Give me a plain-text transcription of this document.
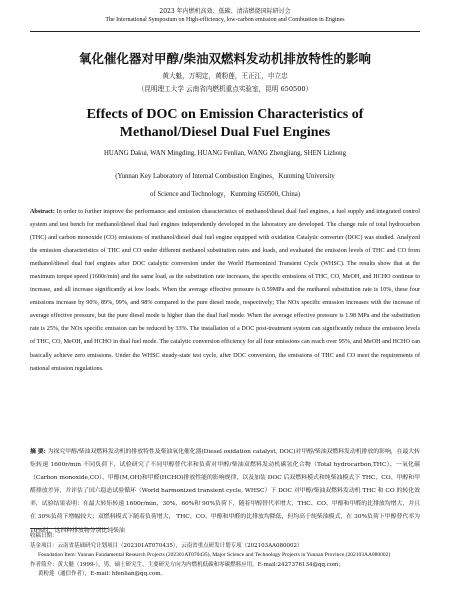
2023 年内燃机高效、低碳、清洁燃烧国际研讨会
The International Symposium on High-efficiency, low-carbon emission and Combustion in Engines
氧化催化器对甲醇/柴油双燃料发动机排放特性的影响
黄大魁，万明定，黄粉莲，王正江，申立忠
（昆明理工大学 云南省内燃机重点实验室，昆明 650500）
Effects of DOC on Emission Characteristics of
Methanol/Diesel Dual Fuel Engines
HUANG Dakui, WAN Mingding, HUANG Fenlian, WANG Zhengjiang, SHEN Lizhong
(Yunnan Key Laboratory of Internal Combustion Engines，Kunming University
of Science and Technology，Kunming 650500, China)
Abstract: In order to further improve the performance and emission characteristics of methanol/diesel dual fuel engines, a fuel supply and integrated control system and test bench for methanol/diesel dual fuel engines independently developed in the laboratory are developed. The change rule of total hydrocarbon (THC) and carbon monoxide (CO) emissions of methanol/diesel dual fuel engine equipped with oxidation Catalytic converter (DOC) was studied. Analyzed the emission characteristics of THC and CO under different methanol substitution rates and loads, and evaluated the emission levels of THC and CO from methanol/diesel dual fuel engines after DOC catalytic conversion under the World Harmonized Transient Cycle (WHSC). The results show that at the maximum torque speed (1600r/min) and the same load, as the substitution rate increases, the specific emissions of THC, CO, MeOH, and HCHO continue to increase, and all increase significantly at low loads. When the average effective pressure is 0.59MPa and the methanol substitution rate is 10%, these four emissions increase by 90%, 89%, 99%, and 98% compared to the pure diesel mode, respectively; The NOx specific emission increases with the increase of average effective pressure, but the pure diesel mode is higher than the dual fuel mode. When the average effective pressure is 1.98 MPa and the substitution rate is 25%, the NOx specific emission can be reduced by 33%. The installation of a DOC post-treatment system can significantly reduce the emission levels of THC, CO, MeOH, and HCHO in dual fuel mode. The catalytic conversion efficiency for all four emissions can reach over 95%, and MeOH and HCHO can basically achieve zero emissions. Under the WHSC steady-state test cycle, after DOC conversion, the emissions of THC and CO meet the requirements of national emission regulations.
摘 要: 为探究甲醇/柴油双燃料发动机的排放特性及柴油氧化催化器(Diesel oxidation catalyst, DOC)对甲醇/柴油双燃料发动机排放的影响，在最大转矩转速 1600r/min 不同负荷下，试验研究了不同甲醇替代率和负荷对甲醇/柴油双燃料发动机碳氢化合物（Total hydrocarbon,THC）、一氧化碳（Carbon monoxide,CO）、甲醇(M,OH)和甲醛(HCHO)排放性能的影响规律，以及加装 DOC 后双燃料模式和纯柴油模式下 THC、CO、甲醇和甲醛排放差异，并评估了国六稳态试验循环（World harmonized transient cycle, WHSC）下 DOC 对甲醇/柴油双燃料发动机 THC 和 CO 的转化效率，试验结果表明：在最大转矩转速 1600r/min，30%、60%和 90%负荷下，随着甲醇替代率增大，THC、CO、甲醇和甲醛的比排放均增大，并且在 30%负荷下增幅较大；双燃料模式下随着负荷增大， THC、CO、甲醇和甲醛的比排放均降低，但均高于纯柴油模式，在 30%负荷下甲醇替代率为 10%时，这四种排放物分别比纯柴油

收稿日期：

基金项目：云南省基础研究计划项目（202301AT070435），云南省重点研发计划专项（202103AA080002）

Foundation Item: Yunnan Fundamental Research Projects (202301AT070435), Major Science and Technology Projects in Yunnan Province (202103AA080002)

作者简介：黄大魁（1999-），男，硕士研究生，主要研究方向为内燃机低碳和零碳燃料应用，E-mail:2427376134@qq.com；

黄粉莲（通信作者），E-mail: hfenlian@qq.com。
